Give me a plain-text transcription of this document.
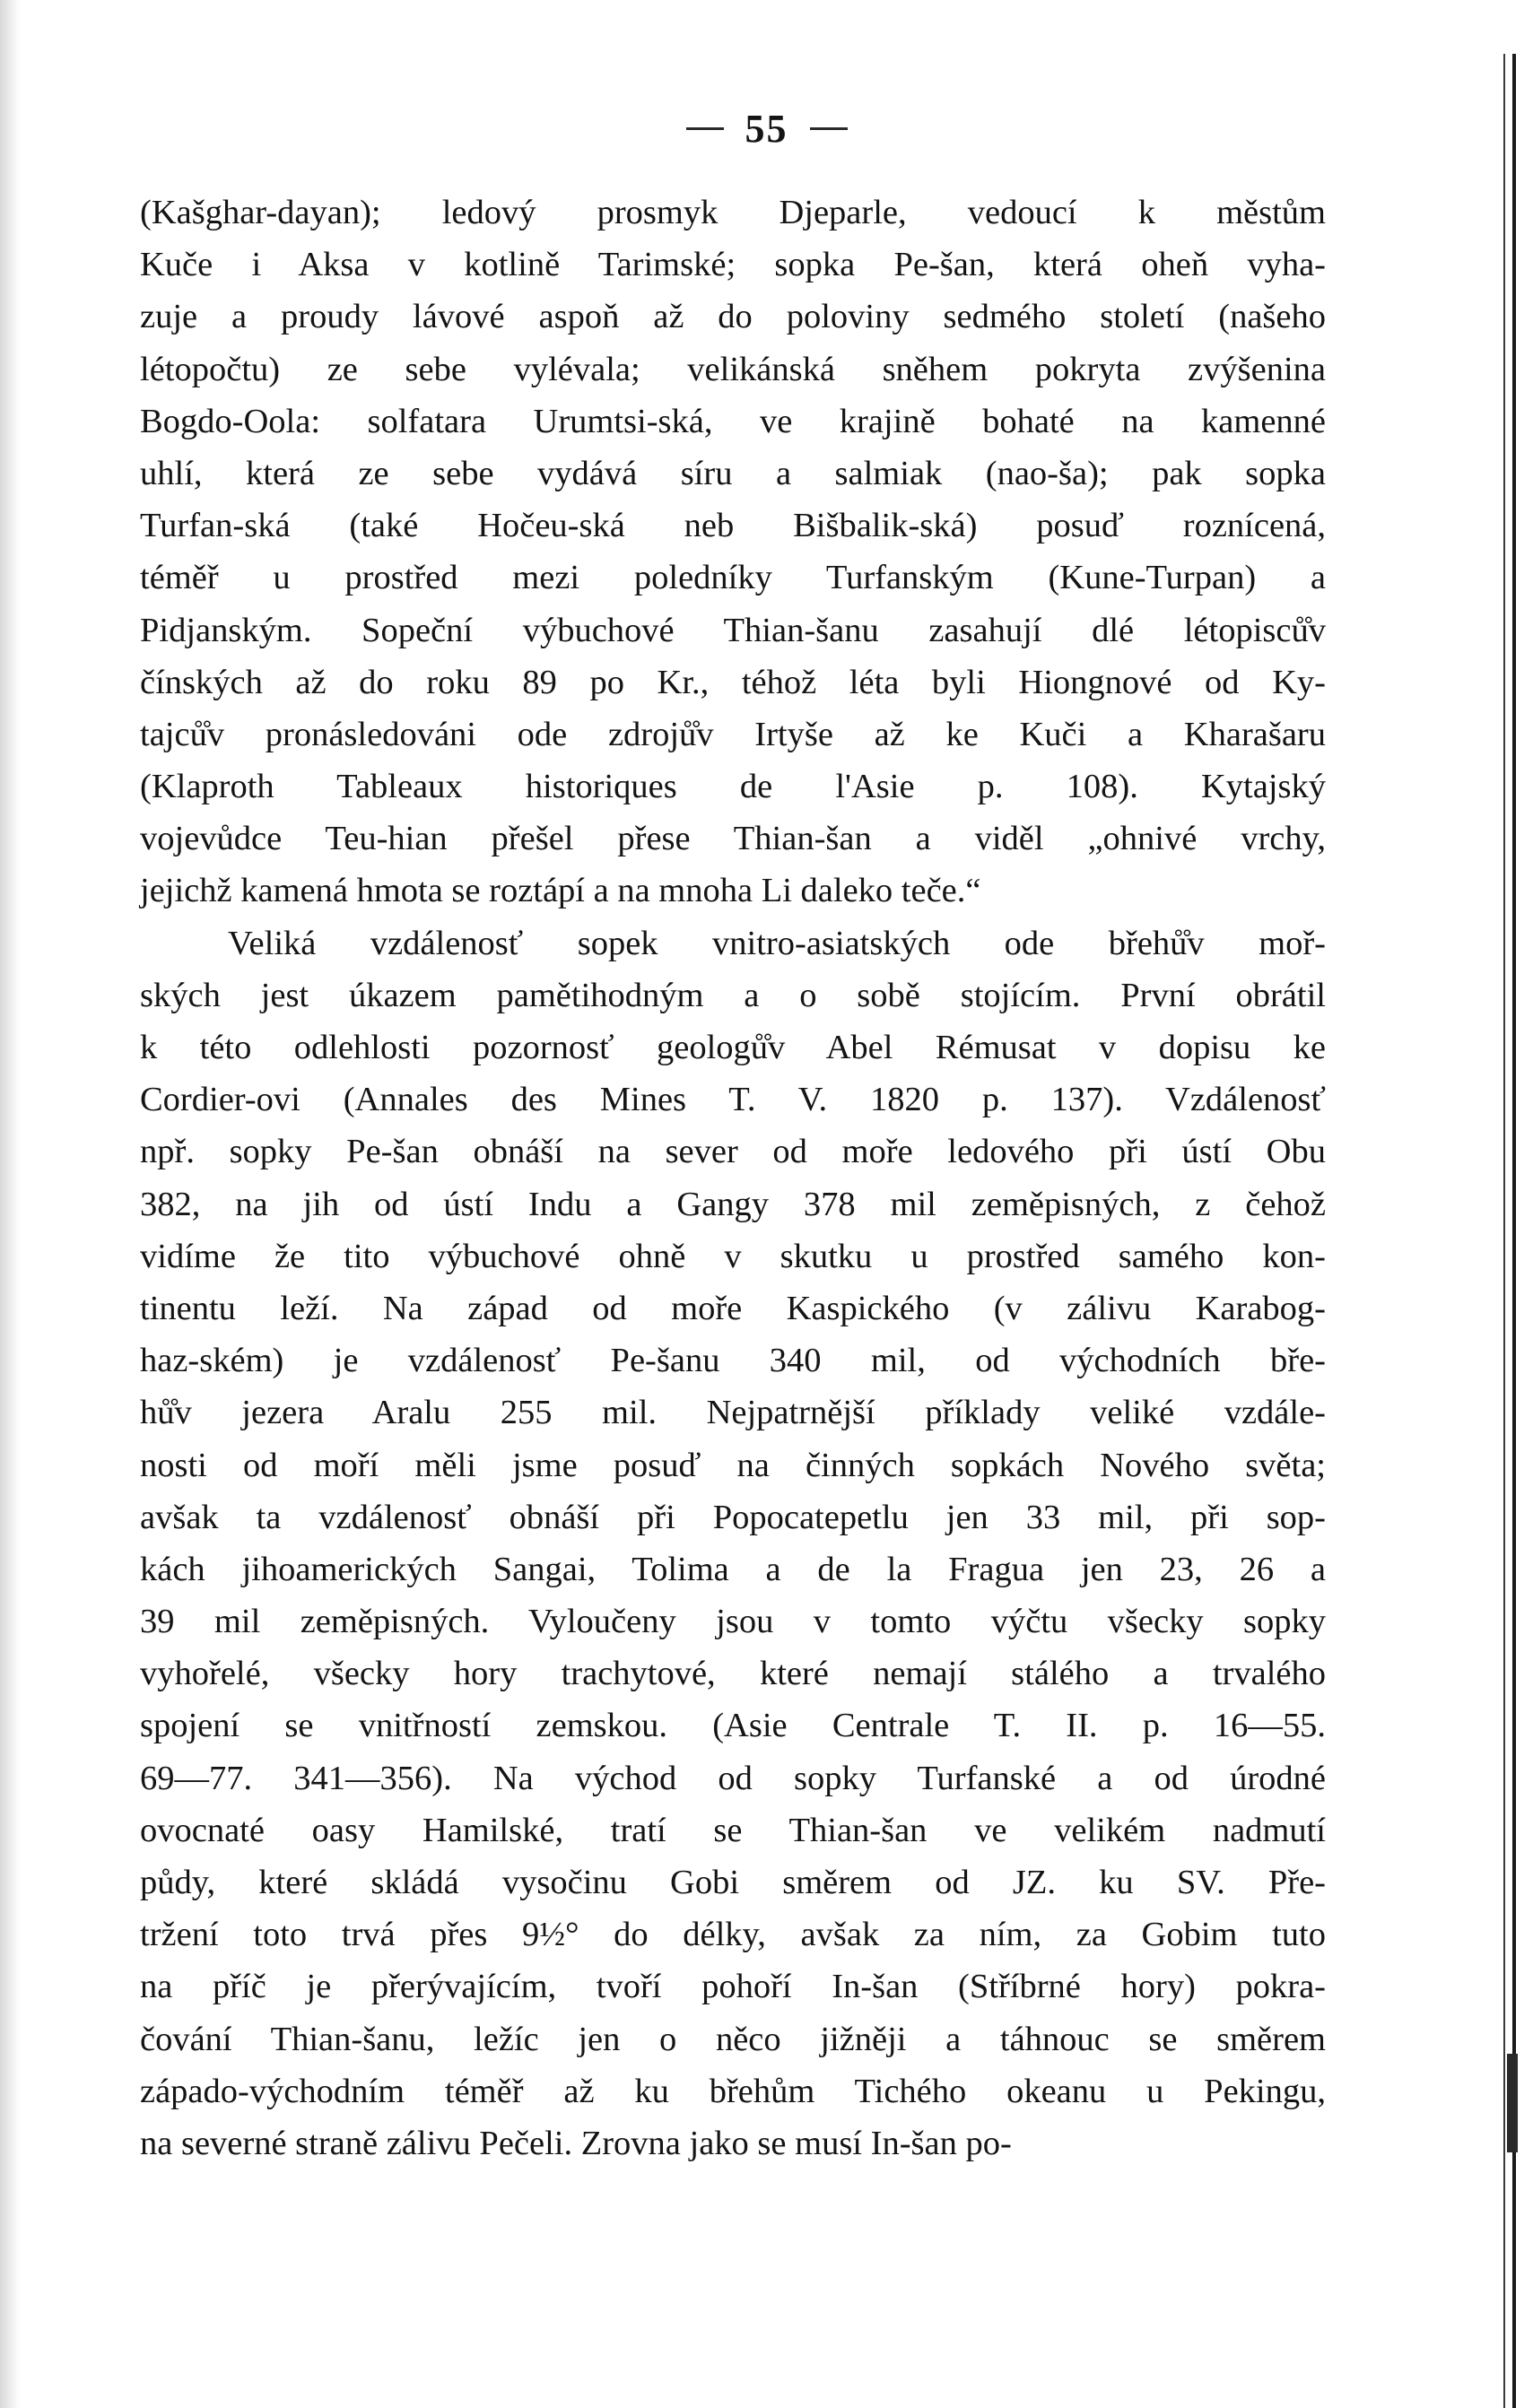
55
(Kašghar-dayan); ledový prosmyk Djeparle, vedoucí k městům
Kuče i Aksa v kotlině Tarimské; sopka Pe-šan, která oheň vyha-
zuje a proudy lávové aspoň až do poloviny sedmého století (našeho
létopočtu) ze sebe vylévala; velikánská sněhem pokryta zvýšenina
Bogdo-Oola: solfatara Urumtsi-ská, ve krajině bohaté na kamenné
uhlí, která ze sebe vydává síru a salmiak (nao-ša); pak sopka
Turfan-ská (také Hočeu-ská neb Bišbalik-ská) posuď roznícená,
téměř u prostřed mezi poledníky Turfanským (Kune-Turpan) a
Pidjanským. Sopeční výbuchové Thian-šanu zasahují dlé létopisců̊v
čínských až do roku 89 po Kr., téhož léta byli Hiongnové od Ky-
tajců̊v pronásledováni ode zdrojů̊v Irtyše až ke Kuči a Kharašaru
(Klaproth Tableaux historiques de l'Asie p. 108). Kytajský
vojevůdce Teu-hian přešel přese Thian-šan a viděl „ohnivé vrchy,
jejichž kamená hmota se roztápí a na mnoha Li daleko teče.“
Veliká vzdálenosť sopek vnitro-asiatských ode břehů̊v moř-
ských jest úkazem pamětihodným a o sobě stojícím. První obrátil
k této odlehlosti pozornosť geologů̊v Abel Rémusat v dopisu ke
Cordier-ovi (Annales des Mines T. V. 1820 p. 137). Vzdálenosť
npř. sopky Pe-šan obnáší na sever od moře ledového při ústí Obu
382, na jih od ústí Indu a Gangy 378 mil zeměpisných, z čehož
vidíme že tito výbuchové ohně v skutku u prostřed samého kon-
tinentu leží. Na západ od moře Kaspického (v zálivu Karabog-
haz-ském) je vzdálenosť Pe-šanu 340 mil, od východních bře-
hů̊v jezera Aralu 255 mil. Nejpatrnější příklady veliké vzdále-
nosti od moří měli jsme posuď na činných sopkách Nového světa;
avšak ta vzdálenosť obnáší při Popocatepetlu jen 33 mil, při sop-
kách jihoamerických Sangai, Tolima a de la Fragua jen 23, 26 a
39 mil zeměpisných. Vyloučeny jsou v tomto výčtu všecky sopky
vyhořelé, všecky hory trachytové, které nemají stálého a trvalého
spojení se vnitřností zemskou. (Asie Centrale T. II. p. 16—55.
69—77. 341—356). Na východ od sopky Turfanské a od úrodné
ovocnaté oasy Hamilské, tratí se Thian-šan ve velikém nadmutí
půdy, které skládá vysočinu Gobi směrem od JZ. ku SV. Pře-
tržení toto trvá přes 9½° do délky, avšak za ním, za Gobim tuto
na příč je přerývajícím, tvoří pohoří In-šan (Stříbrné hory) pokra-
čování Thian-šanu, ležíc jen o něco jižněji a táhnouc se směrem
západo-východním téměř až ku břehům Tichého okeanu u Pekingu,
na severné straně zálivu Pečeli. Zrovna jako se musí In-šan po-
